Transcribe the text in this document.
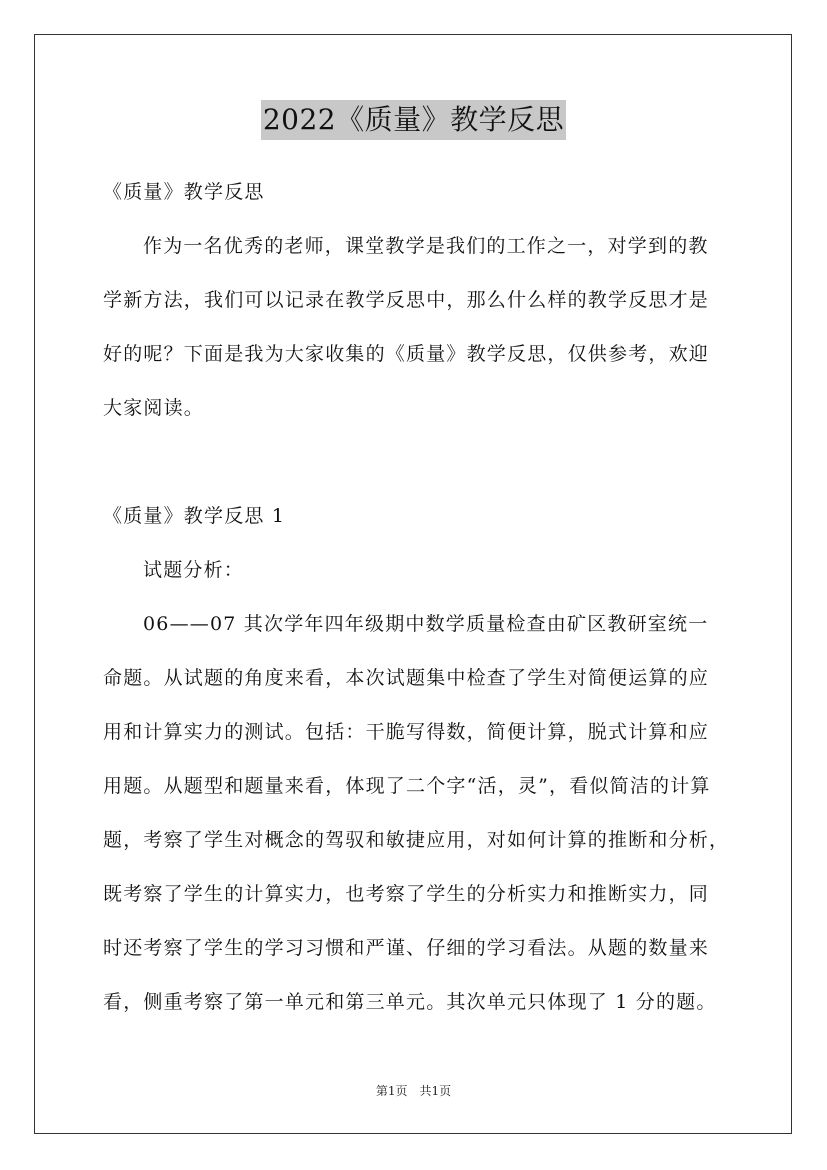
2022《质量》教学反思
《质量》教学反思
作为一名优秀的老师，课堂教学是我们的工作之一，对学到的教
学新方法，我们可以记录在教学反思中，那么什么样的教学反思才是
好的呢？下面是我为大家收集的《质量》教学反思，仅供参考，欢迎
大家阅读。
《质量》教学反思 1
试题分析：
06——07 其次学年四年级期中数学质量检查由矿区教研室统一
命题。从试题的角度来看，本次试题集中检查了学生对简便运算的应
用和计算实力的测试。包括：干脆写得数，简便计算，脱式计算和应
用题。从题型和题量来看，体现了二个字“活，灵”，看似简洁的计算
题，考察了学生对概念的驾驭和敏捷应用，对如何计算的推断和分析，
既考察了学生的计算实力，也考察了学生的分析实力和推断实力，同
时还考察了学生的学习习惯和严谨、仔细的学习看法。从题的数量来
看，侧重考察了第一单元和第三单元。其次单元只体现了 1 分的题。
第1页　共1页
